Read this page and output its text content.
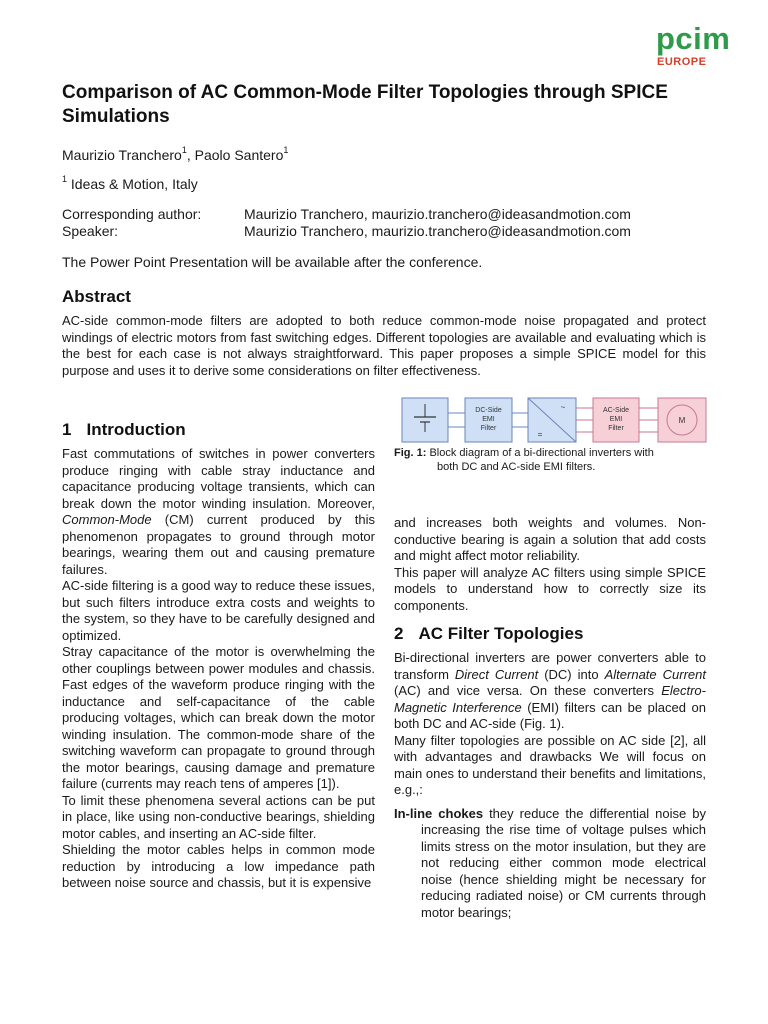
pcim
EUROPE
Comparison of AC Common-Mode Filter Topologies through SPICE Simulations
Maurizio Tranchero$^1$, Paolo Santero$^1$
$^1$ Ideas & Motion, Italy
Corresponding author:	Maurizio Tranchero, maurizio.tranchero@ideasandmotion.com
Speaker:	Maurizio Tranchero, maurizio.tranchero@ideasandmotion.com
The Power Point Presentation will be available after the conference.
Abstract
AC-side common-mode filters are adopted to both reduce common-mode noise propagated and protect windings of electric motors from fast switching edges. Different topologies are available and evaluating which is the best for each case is not always straightforward. This paper proposes a simple SPICE model for this purpose and uses it to derive some considerations on filter effectiveness.
DC-Side
EMI
Filter
~
=
AC-Side
EMI
Filter
M
Fig. 1: Block diagram of a bi-directional inverters with
both DC and AC-side EMI filters.
1 Introduction

Fast commutations of switches in power converters produce ringing with cable stray inductance and capacitance producing voltage transients, which can break down the motor winding insulation. Moreover, Common-Mode (CM) current produced by this phenomenon propagates to ground through motor bearings, wearing them out and causing premature failures.

AC-side filtering is a good way to reduce these issues, but such filters introduce extra costs and weights to the system, so they have to be carefully designed and optimized.

Stray capacitance of the motor is overwhelming the other couplings between power modules and chassis. Fast edges of the waveform produce ringing with the inductance and self-capacitance of the cable producing voltages, which can break down the motor winding insulation. The common-mode share of the switching waveform can propagate to ground through the motor bearings, causing damage and premature failure (currents may reach tens of amperes [1]).

To limit these phenomena several actions can be put in place, like using non-conductive bearings, shielding motor cables, and inserting an AC-side filter.

Shielding the motor cables helps in common mode reduction by introducing a low impedance path between noise source and chassis, but it is expensive

and increases both weights and volumes. Non-conductive bearing is again a solution that add costs and might affect motor reliability.

This paper will analyze AC filters using simple SPICE models to understand how to correctly size its components.

2 AC Filter Topologies

Bi-directional inverters are power converters able to transform Direct Current (DC) into Alternate Current (AC) and vice versa. On these converters Electro-Magnetic Interference (EMI) filters can be placed on both DC and AC-side (Fig. 1).

Many filter topologies are possible on AC side [2], all with advantages and drawbacks We will focus on main ones to understand their benefits and limitations, e.g.,:

In-line chokes they reduce the differential noise by increasing the rise time of voltage pulses which limits stress on the motor insulation, but they are not reducing either common mode electrical noise (hence shielding might be necessary for reducing radiated noise) or CM currents through motor bearings;
